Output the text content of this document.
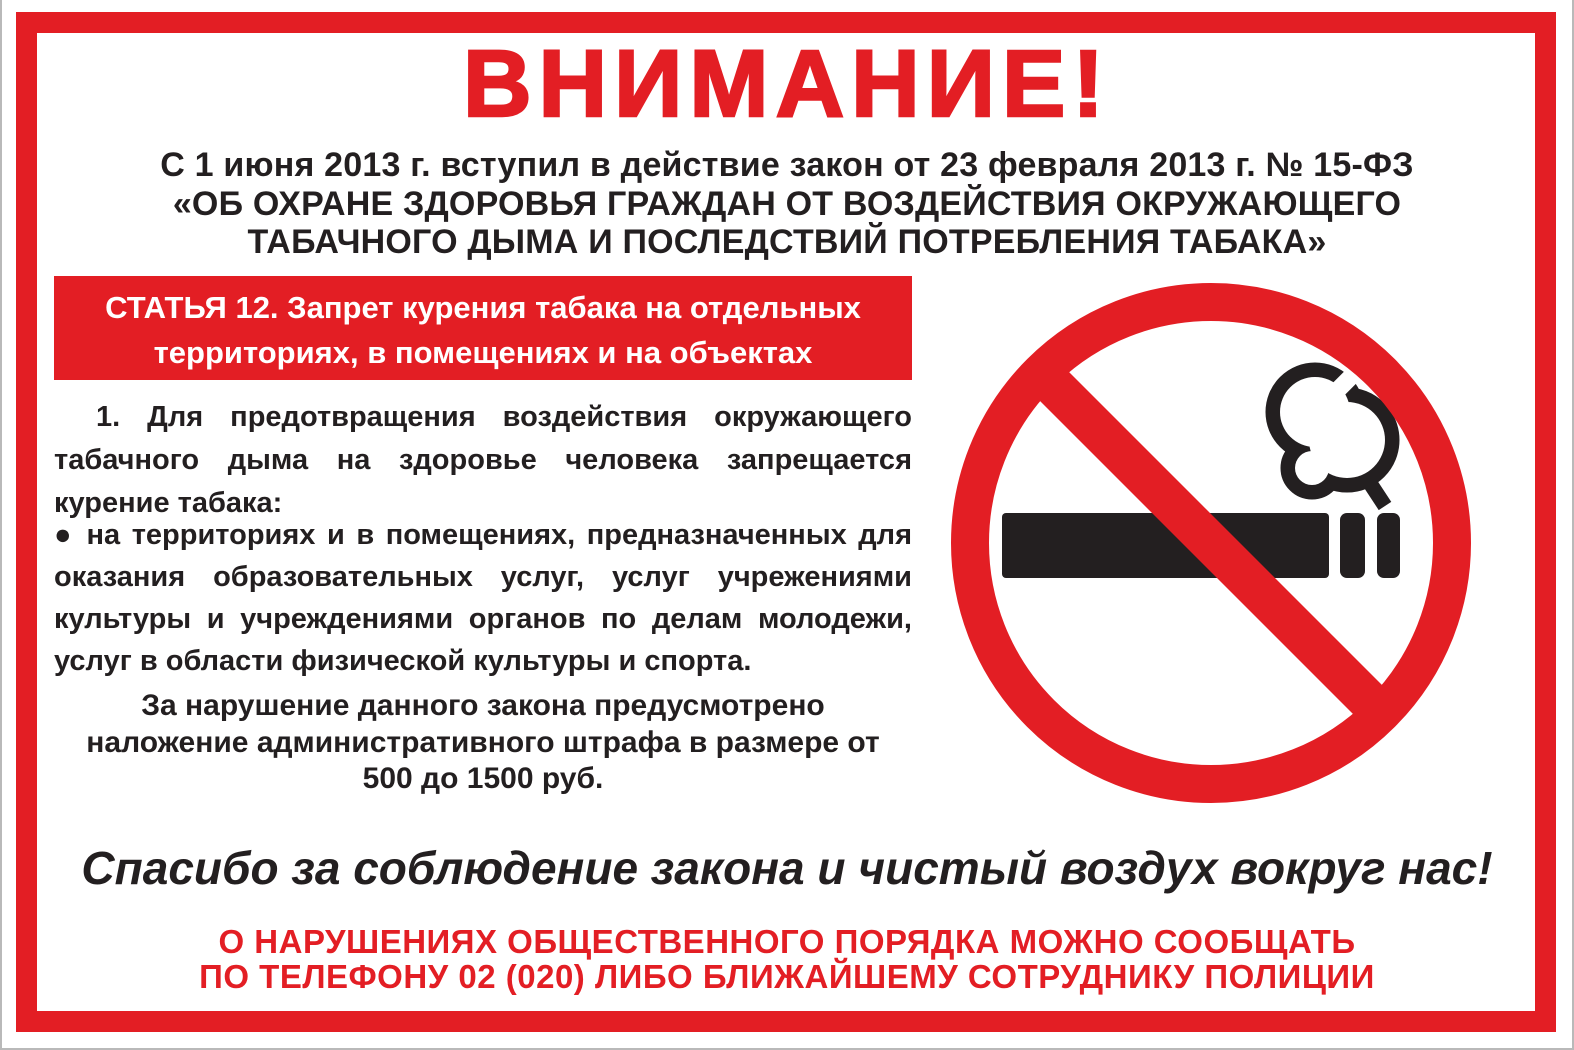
ВНИМАНИЕ!
С 1 июня 2013 г. вступил в действие закон от 23 февраля 2013 г. № 15-ФЗ
«ОБ ОХРАНЕ ЗДОРОВЬЯ ГРАЖДАН ОТ ВОЗДЕЙСТВИЯ ОКРУЖАЮЩЕГО
ТАБАЧНОГО ДЫМА И ПОСЛЕДСТВИЙ ПОТРЕБЛЕНИЯ ТАБАКА»
СТАТЬЯ 12. Запрет курения табака на отдельных
территориях, в помещениях и на объектах
1. Для предотвращения воздействия окружающего
табачного дыма на здоровье человека запрещается
курение табака:
● на территориях и в помещениях, предназначенных для
оказания образовательных услуг, услуг учрежениями
культуры и учреждениями органов по делам молодежи,
услуг в области физической культуры и спорта.
За нарушение данного закона предусмотрено
наложение административного штрафа в размере от
500 до 1500 руб.
Спасибо за соблюдение закона и чистый воздух вокруг нас!
О НАРУШЕНИЯХ ОБЩЕСТВЕННОГО ПОРЯДКА МОЖНО СООБЩАТЬ
ПО ТЕЛЕФОНУ 02 (020) ЛИБО БЛИЖАЙШЕМУ СОТРУДНИКУ ПОЛИЦИИ
